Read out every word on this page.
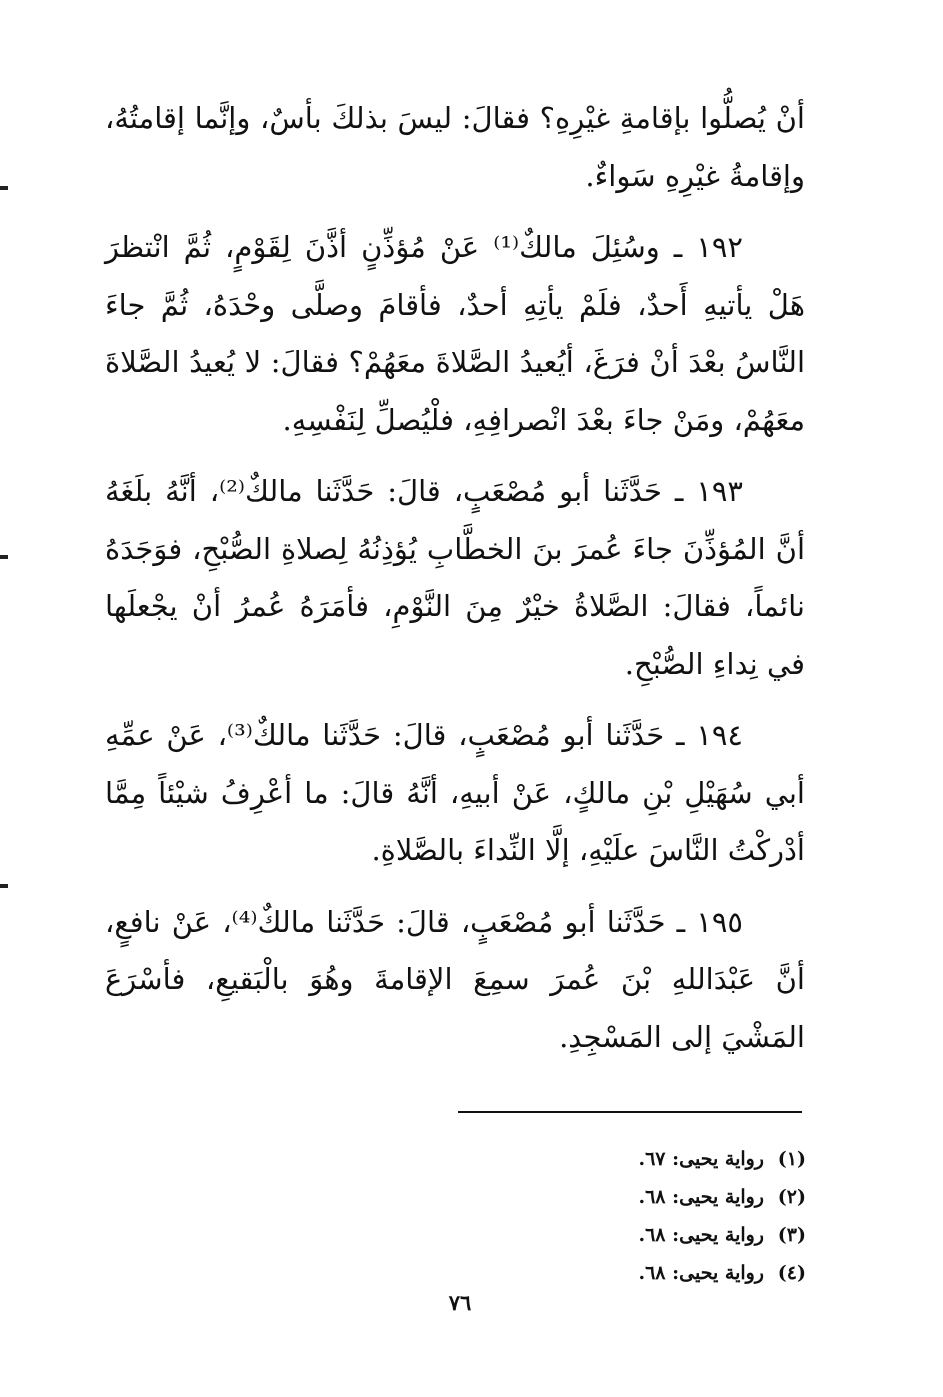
أنْ يُصلُّوا بإقامةِ غيْرِهِ؟ فقالَ: ليسَ بذلكَ بأسٌ، وإنَّما إقامتُهُ، وإقامةُ غيْرِهِ سَواءٌ.

١٩٢ ـ وسُئِلَ مالكٌ⁽¹⁾ عَنْ مُؤذِّنٍ أذَّنَ لِقَوْمٍ، ثُمَّ انْتظرَ هَلْ يأتيهِ أَحدٌ، فلَمْ يأتِهِ أحدٌ، فأقامَ وصلَّى وحْدَهُ، ثُمَّ جاءَ النَّاسُ بعْدَ أنْ فرَغَ، أيُعيدُ الصَّلاةَ معَهُمْ؟ فقالَ: لا يُعيدُ الصَّلاةَ معَهُمْ، ومَنْ جاءَ بعْدَ انْصرافِهِ، فلْيُصلِّ لِنَفْسِهِ.

١٩٣ ـ حَدَّثَنا أبو مُصْعَبٍ، قالَ: حَدَّثَنا مالكٌ⁽²⁾، أنَّهُ بلَغَهُ أنَّ المُؤذِّنَ جاءَ عُمرَ بنَ الخطَّابِ يُؤذِنُهُ لِصلاةِ الصُّبْحِ، فوَجَدَهُ نائماً، فقالَ: الصَّلاةُ خيْرٌ مِنَ النَّوْمِ، فأمَرَهُ عُمرُ أنْ يجْعلَها في نِداءِ الصُّبْحِ.

١٩٤ ـ حَدَّثَنا أبو مُصْعَبٍ، قالَ: حَدَّثَنا مالكٌ⁽³⁾، عَنْ عمِّهِ أبي سُهَيْلِ بْنِ مالكٍ، عَنْ أبيهِ، أنَّهُ قالَ: ما أعْرِفُ شيْئاً مِمَّا أدْركْتُ النَّاسَ علَيْهِ، إلَّا النِّداءَ بالصَّلاةِ.

١٩٥ ـ حَدَّثَنا أبو مُصْعَبٍ، قالَ: حَدَّثَنا مالكٌ⁽⁴⁾، عَنْ نافعٍ، أنَّ عَبْدَاللهِ بْنَ عُمرَ سمِعَ الإقامةَ وهُوَ بالْبَقيعِ، فأسْرَعَ المَشْيَ إلى المَسْجِدِ.

(١)
رواية يحيى: ٦٧.
(٢)
رواية يحيى: ٦٨.
(٣)
رواية يحيى: ٦٨.
(٤)
رواية يحيى: ٦٨.
٧٦
